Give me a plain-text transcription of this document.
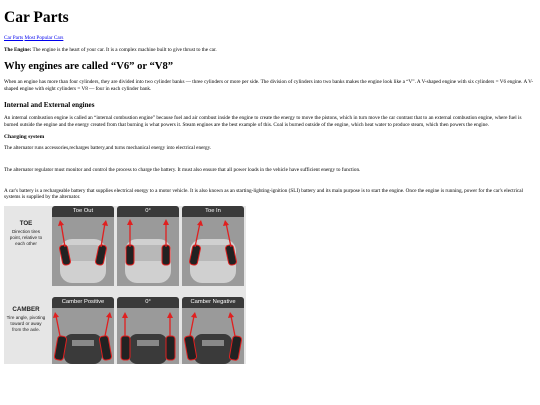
Car Parts
Car Parts Most Popular Cars

The Engine: The engine is the heart of your car. It is a complex machine built to give thrust to the car.

Why engines are called “V6” or “V8”

When an engine has more than four cylinders, they are divided into two cylinder banks — three cylinders or more per side. The division of cylinders into two banks makes the engine look like a “V”. A V-shaped engine with six cylinders = V6 engine. A V-shaped engine with eight cylinders = V8 — four in each cylinder bank.

Internal and External engines

An internal combustion engine is called an “internal combustion engine” because fuel and air combust inside the engine to create the energy to move the pistons, which in turn move the car contrast that to an external combustion engine, where fuel is burned outside the engine and the energy created from that burning is what powers it. Steam engines are the best example of this. Coal is burned outside of the engine, which heat water to produce steam, which then powers the engine.

Charging system

The alternator runs accessories,recharges battery,and turns mechanical energy into electrical energy.

The alternator regulator must monitor and control the process to charge the battery. It must also ensure that all power loads in the vehicle have sufficient energy to function.

A car's battery is a rechargeable battery that supplies electrical energy to a motor vehicle. It is also known as an starting-lighting-ignition (SLI) battery and its main purpose is to start the engine. Once the engine is running, power for the car's electrical systems is supplied by the alternator.

TOE
Direction tires point, relative to each other
Toe Out	0°	Toe In
CAMBER
Tire angle, pivoting toward or away from the axle.
Camber Positive	0°	Camber Negative
